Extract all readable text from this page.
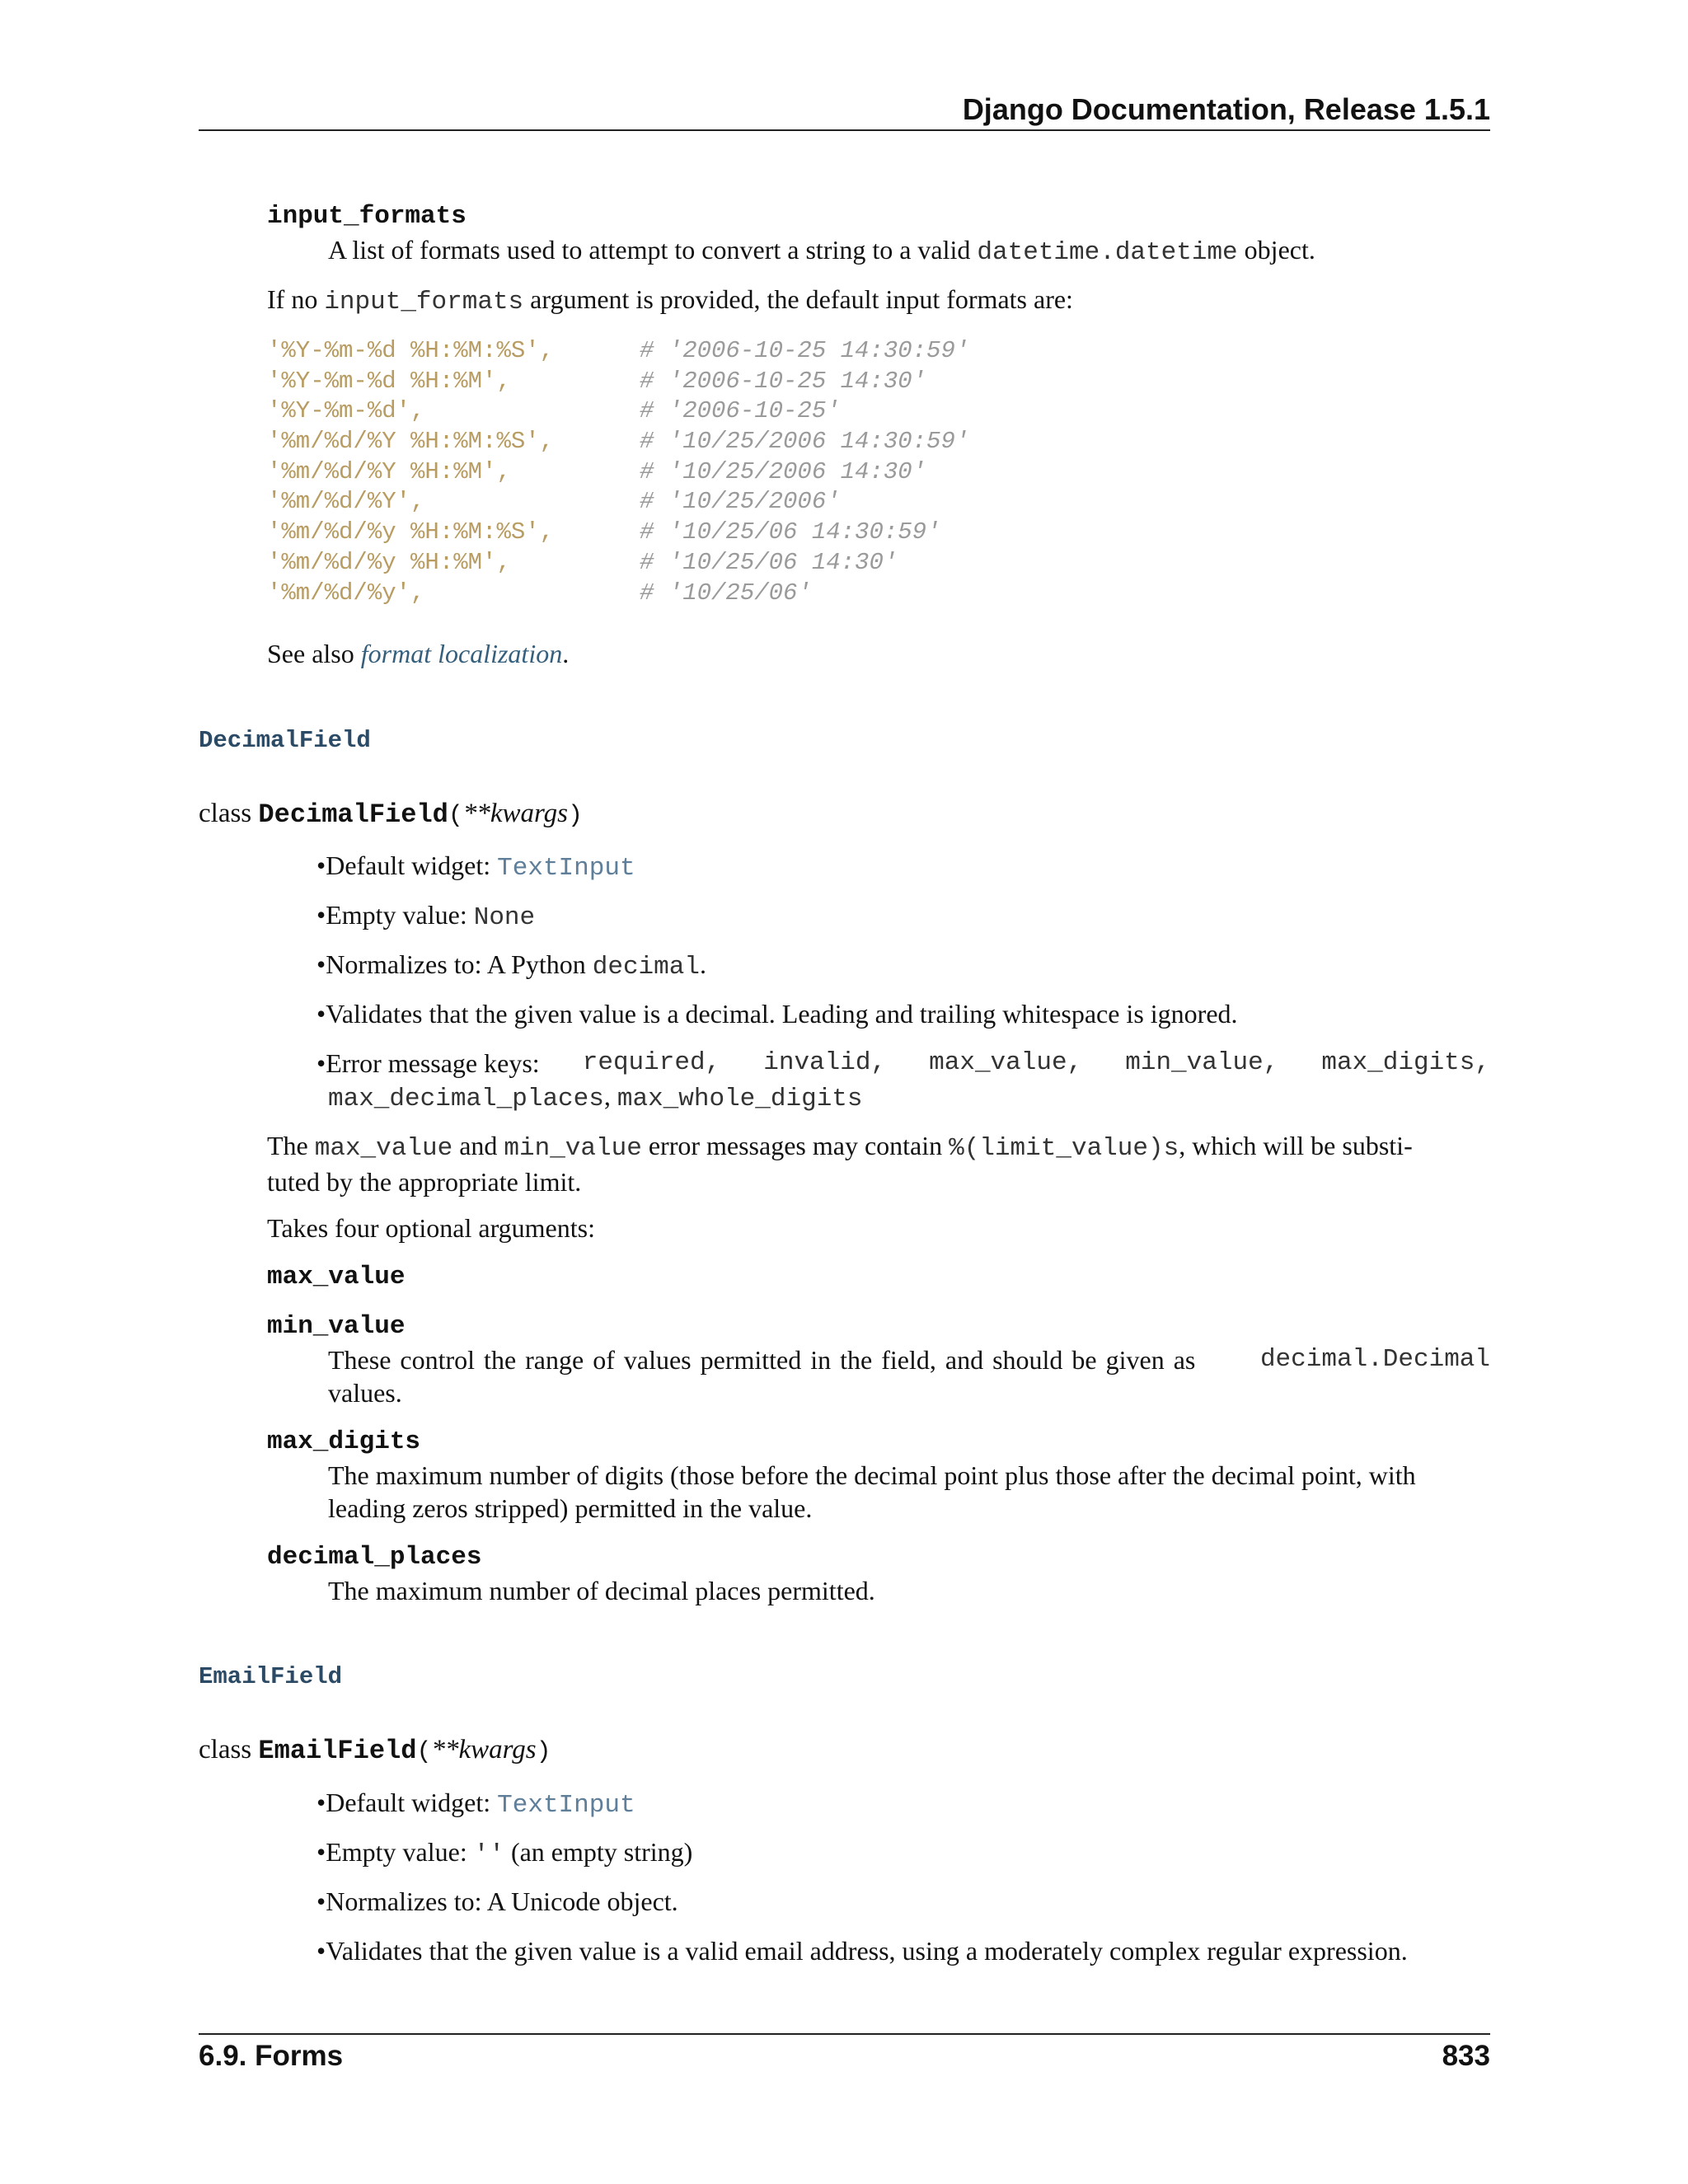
Django Documentation, Release 1.5.1
input_formats
A list of formats used to attempt to convert a string to a valid datetime.datetime object.
If no input_formats argument is provided, the default input formats are:
'%Y-%m-%d %H:%M:%S',	# '2006-10-25 14:30:59'
'%Y-%m-%d %H:%M',	# '2006-10-25 14:30'
'%Y-%m-%d',	# '2006-10-25'
'%m/%d/%Y %H:%M:%S',	# '10/25/2006 14:30:59'
'%m/%d/%Y %H:%M',	# '10/25/2006 14:30'
'%m/%d/%Y',	# '10/25/2006'
'%m/%d/%y %H:%M:%S',	# '10/25/06 14:30:59'
'%m/%d/%y %H:%M',	# '10/25/06 14:30'
'%m/%d/%y',	# '10/25/06'
See also format localization.
DecimalField
class DecimalField(**kwargs)
•Default widget: TextInput
•Empty value: None
•Normalizes to: A Python decimal.
•Validates that the given value is a decimal. Leading and trailing whitespace is ignored.
•Error message keys: required, invalid, max_value, min_value, max_digits,
max_decimal_places, max_whole_digits
The max_value and min_value error messages may contain %(limit_value)s, which will be substi-
tuted by the appropriate limit.
Takes four optional arguments:
max_value
min_value
These control the range of values permitted in the field, and should be given as	decimal.Decimal
values.
max_digits
The maximum number of digits (those before the decimal point plus those after the decimal point, with
leading zeros stripped) permitted in the value.
decimal_places
The maximum number of decimal places permitted.
EmailField
class EmailField(**kwargs)
•Default widget: TextInput
•Empty value: '' (an empty string)
•Normalizes to: A Unicode object.
•Validates that the given value is a valid email address, using a moderately complex regular expression.
6.9. Forms	833
